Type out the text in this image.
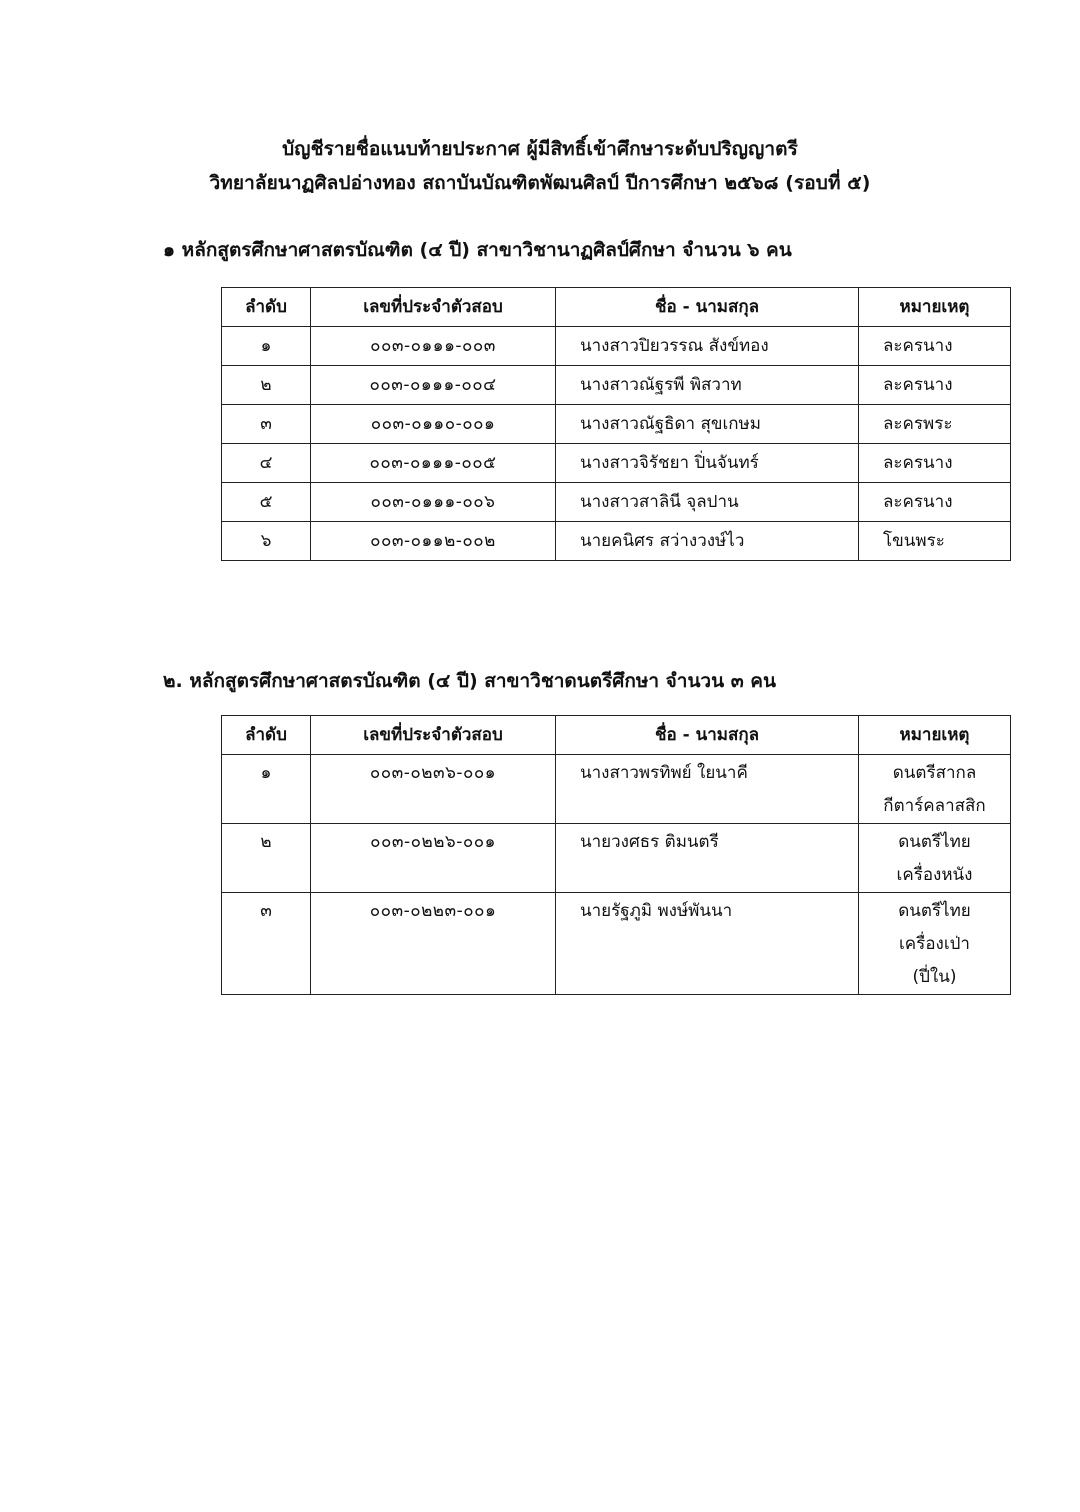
บัญชีรายชื่อแนบท้ายประกาศ ผู้มีสิทธิ์เข้าศึกษาระดับปริญญาตรี
วิทยาลัยนาฏศิลปอ่างทอง สถาบันบัณฑิตพัฒนศิลป์ ปีการศึกษา ๒๕๖๘ (รอบที่ ๕)
๑ หลักสูตรศึกษาศาสตรบัณฑิต (๔ ปี) สาขาวิชานาฏศิลป์ศึกษา จำนวน ๖ คน
ลำดับ	เลขที่ประจำตัวสอบ	ชื่อ - นามสกุล	หมายเหตุ
๑	๐๐๓-๐๑๑๑-๐๐๓	นางสาวปิยวรรณ สังข์ทอง	ละครนาง
๒	๐๐๓-๐๑๑๑-๐๐๔	นางสาวณัฐรพี พิสวาท	ละครนาง
๓	๐๐๓-๐๑๑๐-๐๐๑	นางสาวณัฐธิดา สุขเกษม	ละครพระ
๔	๐๐๓-๐๑๑๑-๐๐๕	นางสาวจิรัชยา ปิ่นจันทร์	ละครนาง
๕	๐๐๓-๐๑๑๑-๐๐๖	นางสาวสาลินี จุลปาน	ละครนาง
๖	๐๐๓-๐๑๑๒-๐๐๒	นายคนิศร สว่างวงษ์ไว	โขนพระ
๒. หลักสูตรศึกษาศาสตรบัณฑิต (๔ ปี) สาขาวิชาดนตรีศึกษา จำนวน ๓ คน
ลำดับ	เลขที่ประจำตัวสอบ	ชื่อ - นามสกุล	หมายเหตุ
๑	๐๐๓-๐๒๓๖-๐๐๑	นางสาวพรทิพย์ ใยนาคี	ดนตรีสากล
กีตาร์คลาสสิก

๒	๐๐๓-๐๒๒๖-๐๐๑	นายวงศธร ติมนตรี	ดนตรีไทย
เครื่องหนัง

๓	๐๐๓-๐๒๒๓-๐๐๑	นายรัฐภูมิ พงษ์พันนา	ดนตรีไทย
เครื่องเป่า
(ปี่ใน)
